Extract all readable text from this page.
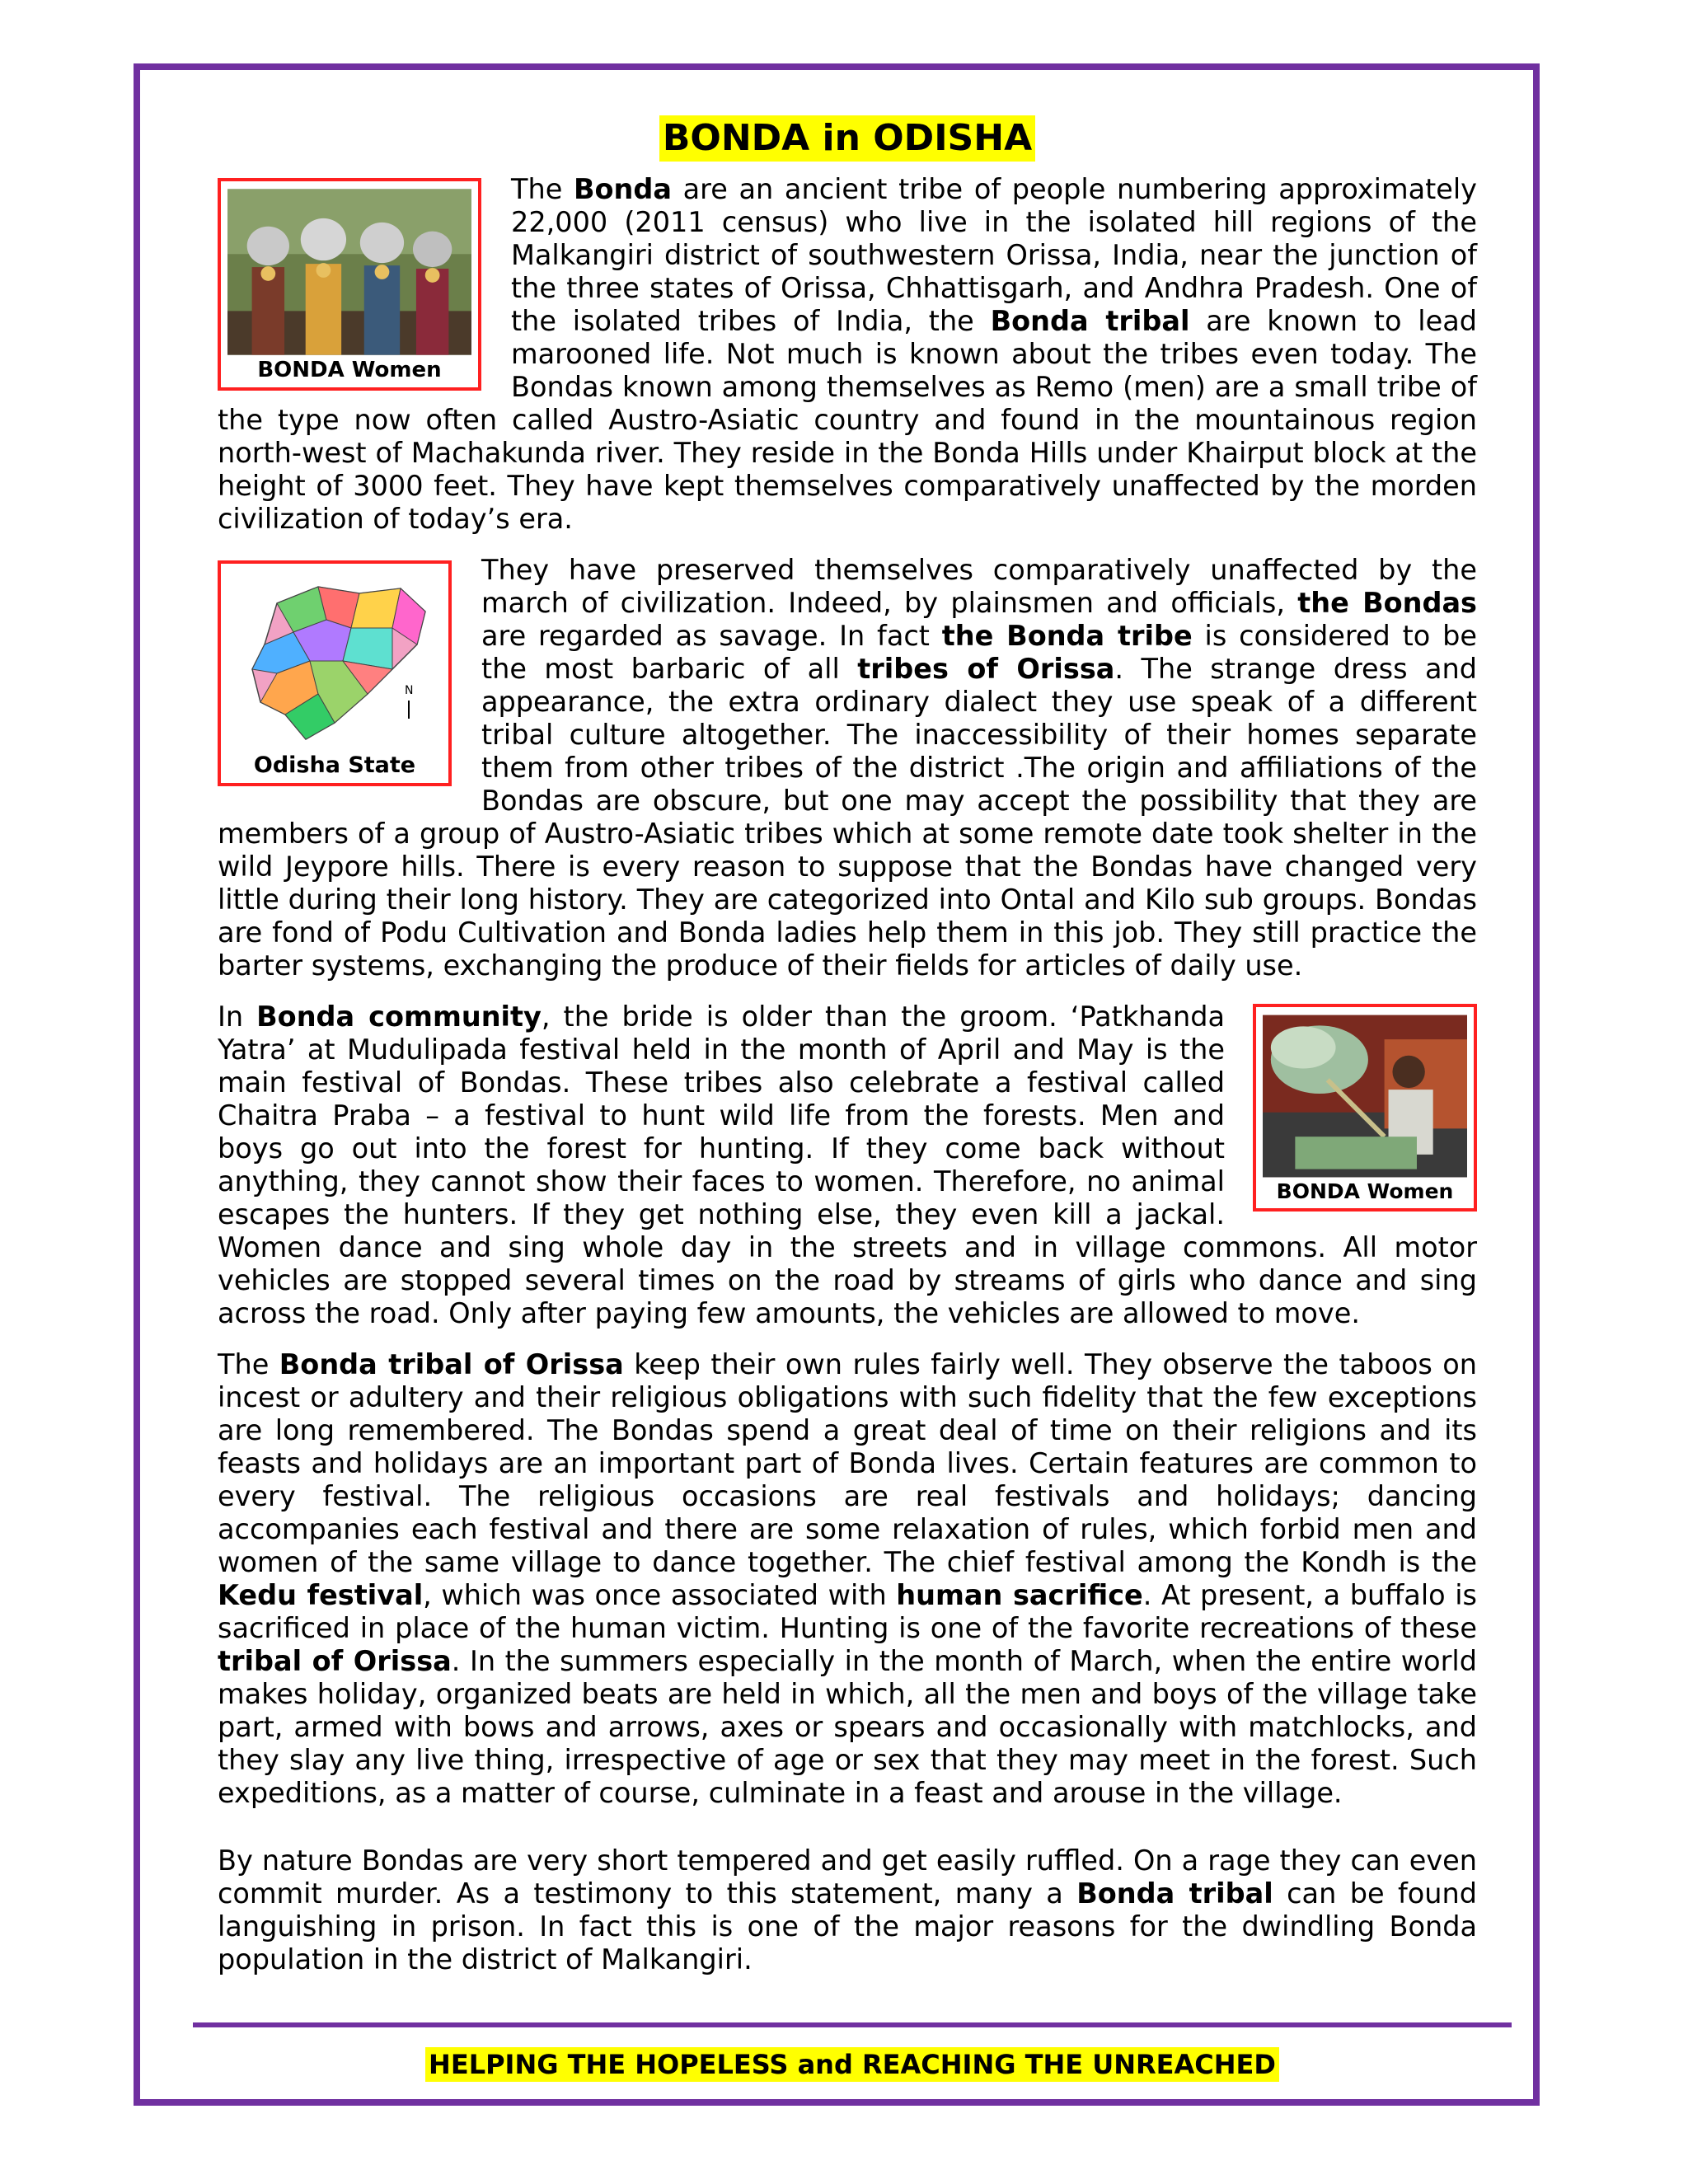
BONDA in ODISHA
BONDA Women

The Bonda are an ancient tribe of people numbering approximately 22,000 (2011 census) who live in the isolated hill regions of the Malkangiri district of southwestern Orissa, India, near the junction of the three states of Orissa, Chhattisgarh, and Andhra Pradesh. One of the isolated tribes of India, the Bonda tribal are known to lead marooned life. Not much is known about the tribes even today. The Bondas known among themselves as Remo (men) are a small tribe of the type now often called Austro-Asiatic country and found in the mountainous region north-west of Machakunda river. They reside in the Bonda Hills under Khairput block at the height of 3000 feet. They have kept themselves comparatively unaffected by the morden civilization of today’s era.

N
Odisha State

They have preserved themselves comparatively unaffected by the march of civilization. Indeed, by plainsmen and officials, the Bondas are regarded as savage. In fact the Bonda tribe is considered to be the most barbaric of all tribes of Orissa. The strange dress and appearance, the extra ordinary dialect they use speak of a different tribal culture altogether. The inaccessibility of their homes separate them from other tribes of the district .The origin and affiliations of the Bondas are obscure, but one may accept the possibility that they are members of a group of Austro-Asiatic tribes which at some remote date took shelter in the wild Jeypore hills. There is every reason to suppose that the Bondas have changed very little during their long history. They are categorized into Ontal and Kilo sub groups. Bondas are fond of Podu Cultivation and Bonda ladies help them in this job. They still practice the barter systems, exchanging the produce of their fields for articles of daily use.

BONDA Women

In Bonda community, the bride is older than the groom. ‘Patkhanda Yatra’ at Mudulipada festival held in the month of April and May is the main festival of Bondas. These tribes also celebrate a festival called Chaitra Praba – a festival to hunt wild life from the forests. Men and boys go out into the forest for hunting. If they come back without anything, they cannot show their faces to women. Therefore, no animal escapes the hunters. If they get nothing else, they even kill a jackal. Women dance and sing whole day in the streets and in village commons. All motor vehicles are stopped several times on the road by streams of girls who dance and sing across the road. Only after paying few amounts, the vehicles are allowed to move.

The Bonda tribal of Orissa keep their own rules fairly well. They observe the taboos on incest or adultery and their religious obligations with such fidelity that the few exceptions are long remembered. The Bondas spend a great deal of time on their religions and its feasts and holidays are an important part of Bonda lives. Certain features are common to every festival. The religious occasions are real festivals and holidays; dancing accompanies each festival and there are some relaxation of rules, which forbid men and women of the same village to dance together. The chief festival among the Kondh is the Kedu festival, which was once associated with human sacrifice. At present, a buffalo is sacrificed in place of the human victim. Hunting is one of the favorite recreations of these tribal of Orissa. In the summers especially in the month of March, when the entire world makes holiday, organized beats are held in which, all the men and boys of the village take part, armed with bows and arrows, axes or spears and occasionally with matchlocks, and they slay any live thing, irrespective of age or sex that they may meet in the forest. Such expeditions, as a matter of course, culminate in a feast and arouse in the village.

By nature Bondas are very short tempered and get easily ruffled. On a rage they can even commit murder. As a testimony to this statement, many a Bonda tribal can be found languishing in prison. In fact this is one of the major reasons for the dwindling Bonda population in the district of Malkangiri.

HELPING THE HOPELESS and REACHING THE UNREACHED
